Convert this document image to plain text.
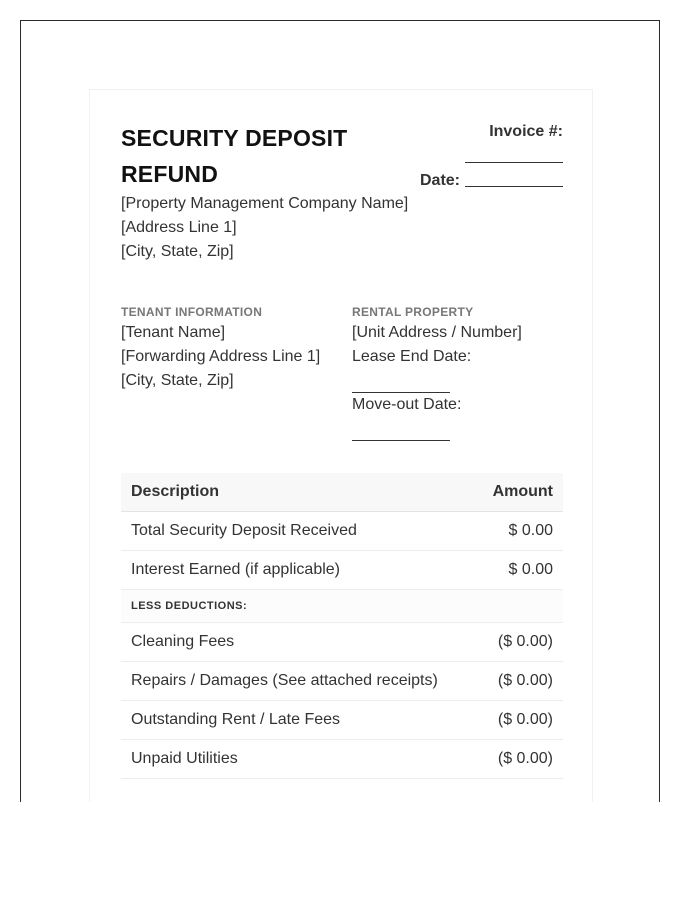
SECURITY DEPOSIT REFUND
Invoice #:
Date:
[Property Management Company Name]
[Address Line 1]
[City, State, Zip]
TENANT INFORMATION
[Tenant Name]
[Forwarding Address Line 1]
[City, State, Zip]
RENTAL PROPERTY
[Unit Address / Number]
Lease End Date:
Move-out Date:
Description	Amount
Total Security Deposit Received	$ 0.00
Interest Earned (if applicable)	$ 0.00
LESS DEDUCTIONS:	
Cleaning Fees	($ 0.00)
Repairs / Damages (See attached receipts)	($ 0.00)
Outstanding Rent / Late Fees	($ 0.00)
Unpaid Utilities	($ 0.00)
